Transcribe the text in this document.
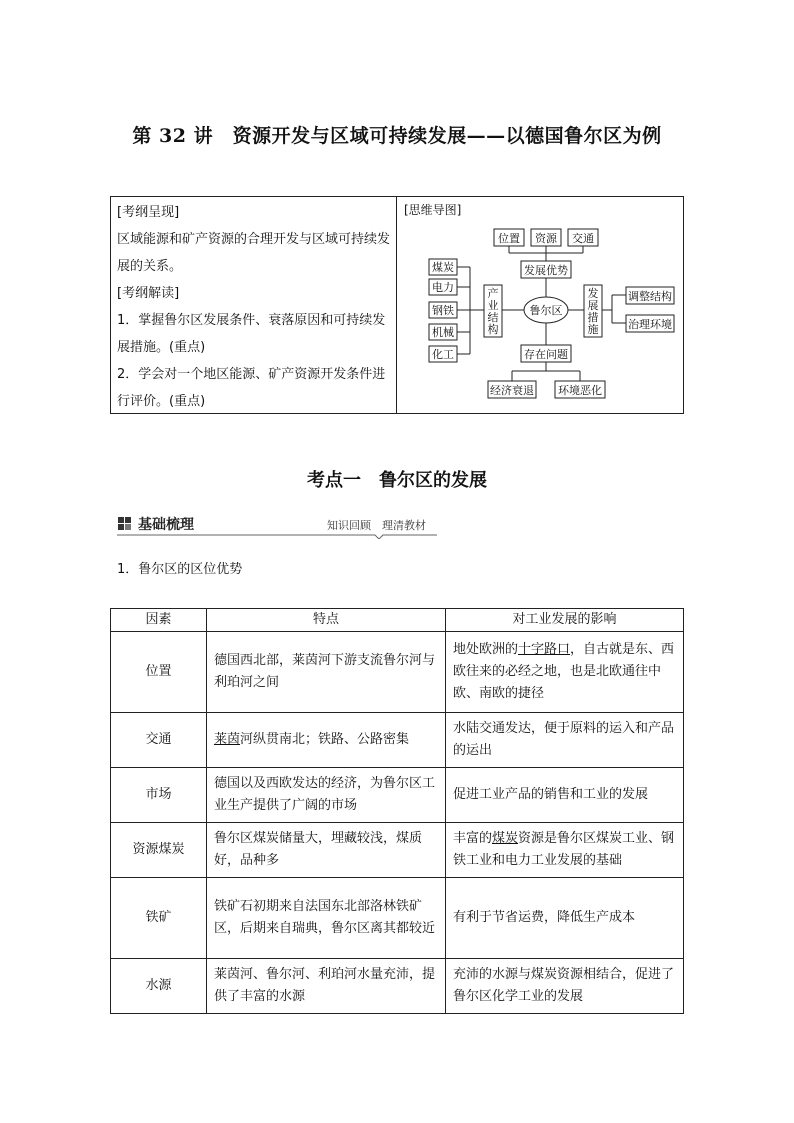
第 32 讲　资源开发与区域可持续发展——以德国鲁尔区为例

[考纲呈现]

区域能源和矿产资源的合理开发与区域可持续发展的关系。

[考纲解读]

1．掌握鲁尔区发展条件、衰落原因和可持续发展措施。(重点)

2．学会对一个地区能源、矿产资源开发条件进行评价。(重点)

[思维导图]
位置 资源 交通
发展优势
鲁尔区
煤炭
电力
钢铁
机械
化工
调整结构
治理环境
存在问题
经济衰退 环境恶化
产
业
结
构
发
展
措
施
考点一　鲁尔区的发展
基础梳理	知识回顾　理清教材
1．鲁尔区的区位优势
因素	特点	对工业发展的影响
位置	德国西北部，莱茵河下游支流鲁尔河与利珀河之间	地处欧洲的十字路口，自古就是东、西欧往来的必经之地，也是北欧通往中欧、南欧的捷径
交通	莱茵河纵贯南北；铁路、公路密集	水陆交通发达，便于原料的运入和产品的运出
市场	德国以及西欧发达的经济，为鲁尔区工业生产提供了广阔的市场	促进工业产品的销售和工业的发展
资源煤炭	鲁尔区煤炭储量大，埋藏较浅，煤质好，品种多	丰富的煤炭资源是鲁尔区煤炭工业、钢铁工业和电力工业发展的基础
铁矿	铁矿石初期来自法国东北部洛林铁矿区，后期来自瑞典，鲁尔区离其都较近	有利于节省运费，降低生产成本
水源	莱茵河、鲁尔河、利珀河水量充沛，提供了丰富的水源	充沛的水源与煤炭资源相结合，促进了鲁尔区化学工业的发展
